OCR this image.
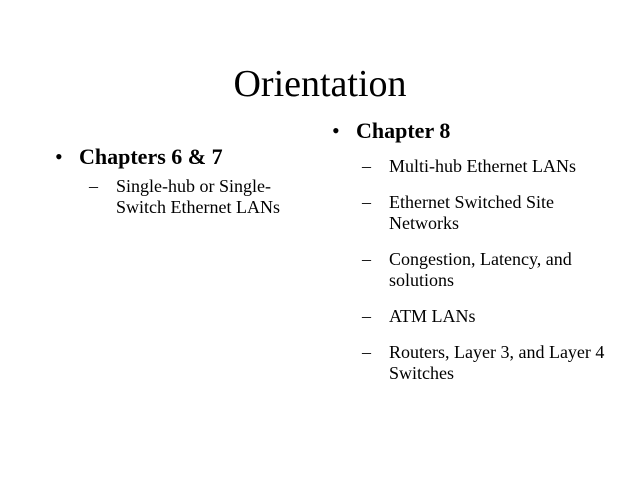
Orientation
• Chapters 6 & 7
– Single-hub or Single-Switch Ethernet LANs
• Chapter 8
– Multi-hub Ethernet LANs
– Ethernet Switched Site Networks
– Congestion, Latency, and solutions
– ATM LANs
– Routers, Layer 3, and Layer 4 Switches
